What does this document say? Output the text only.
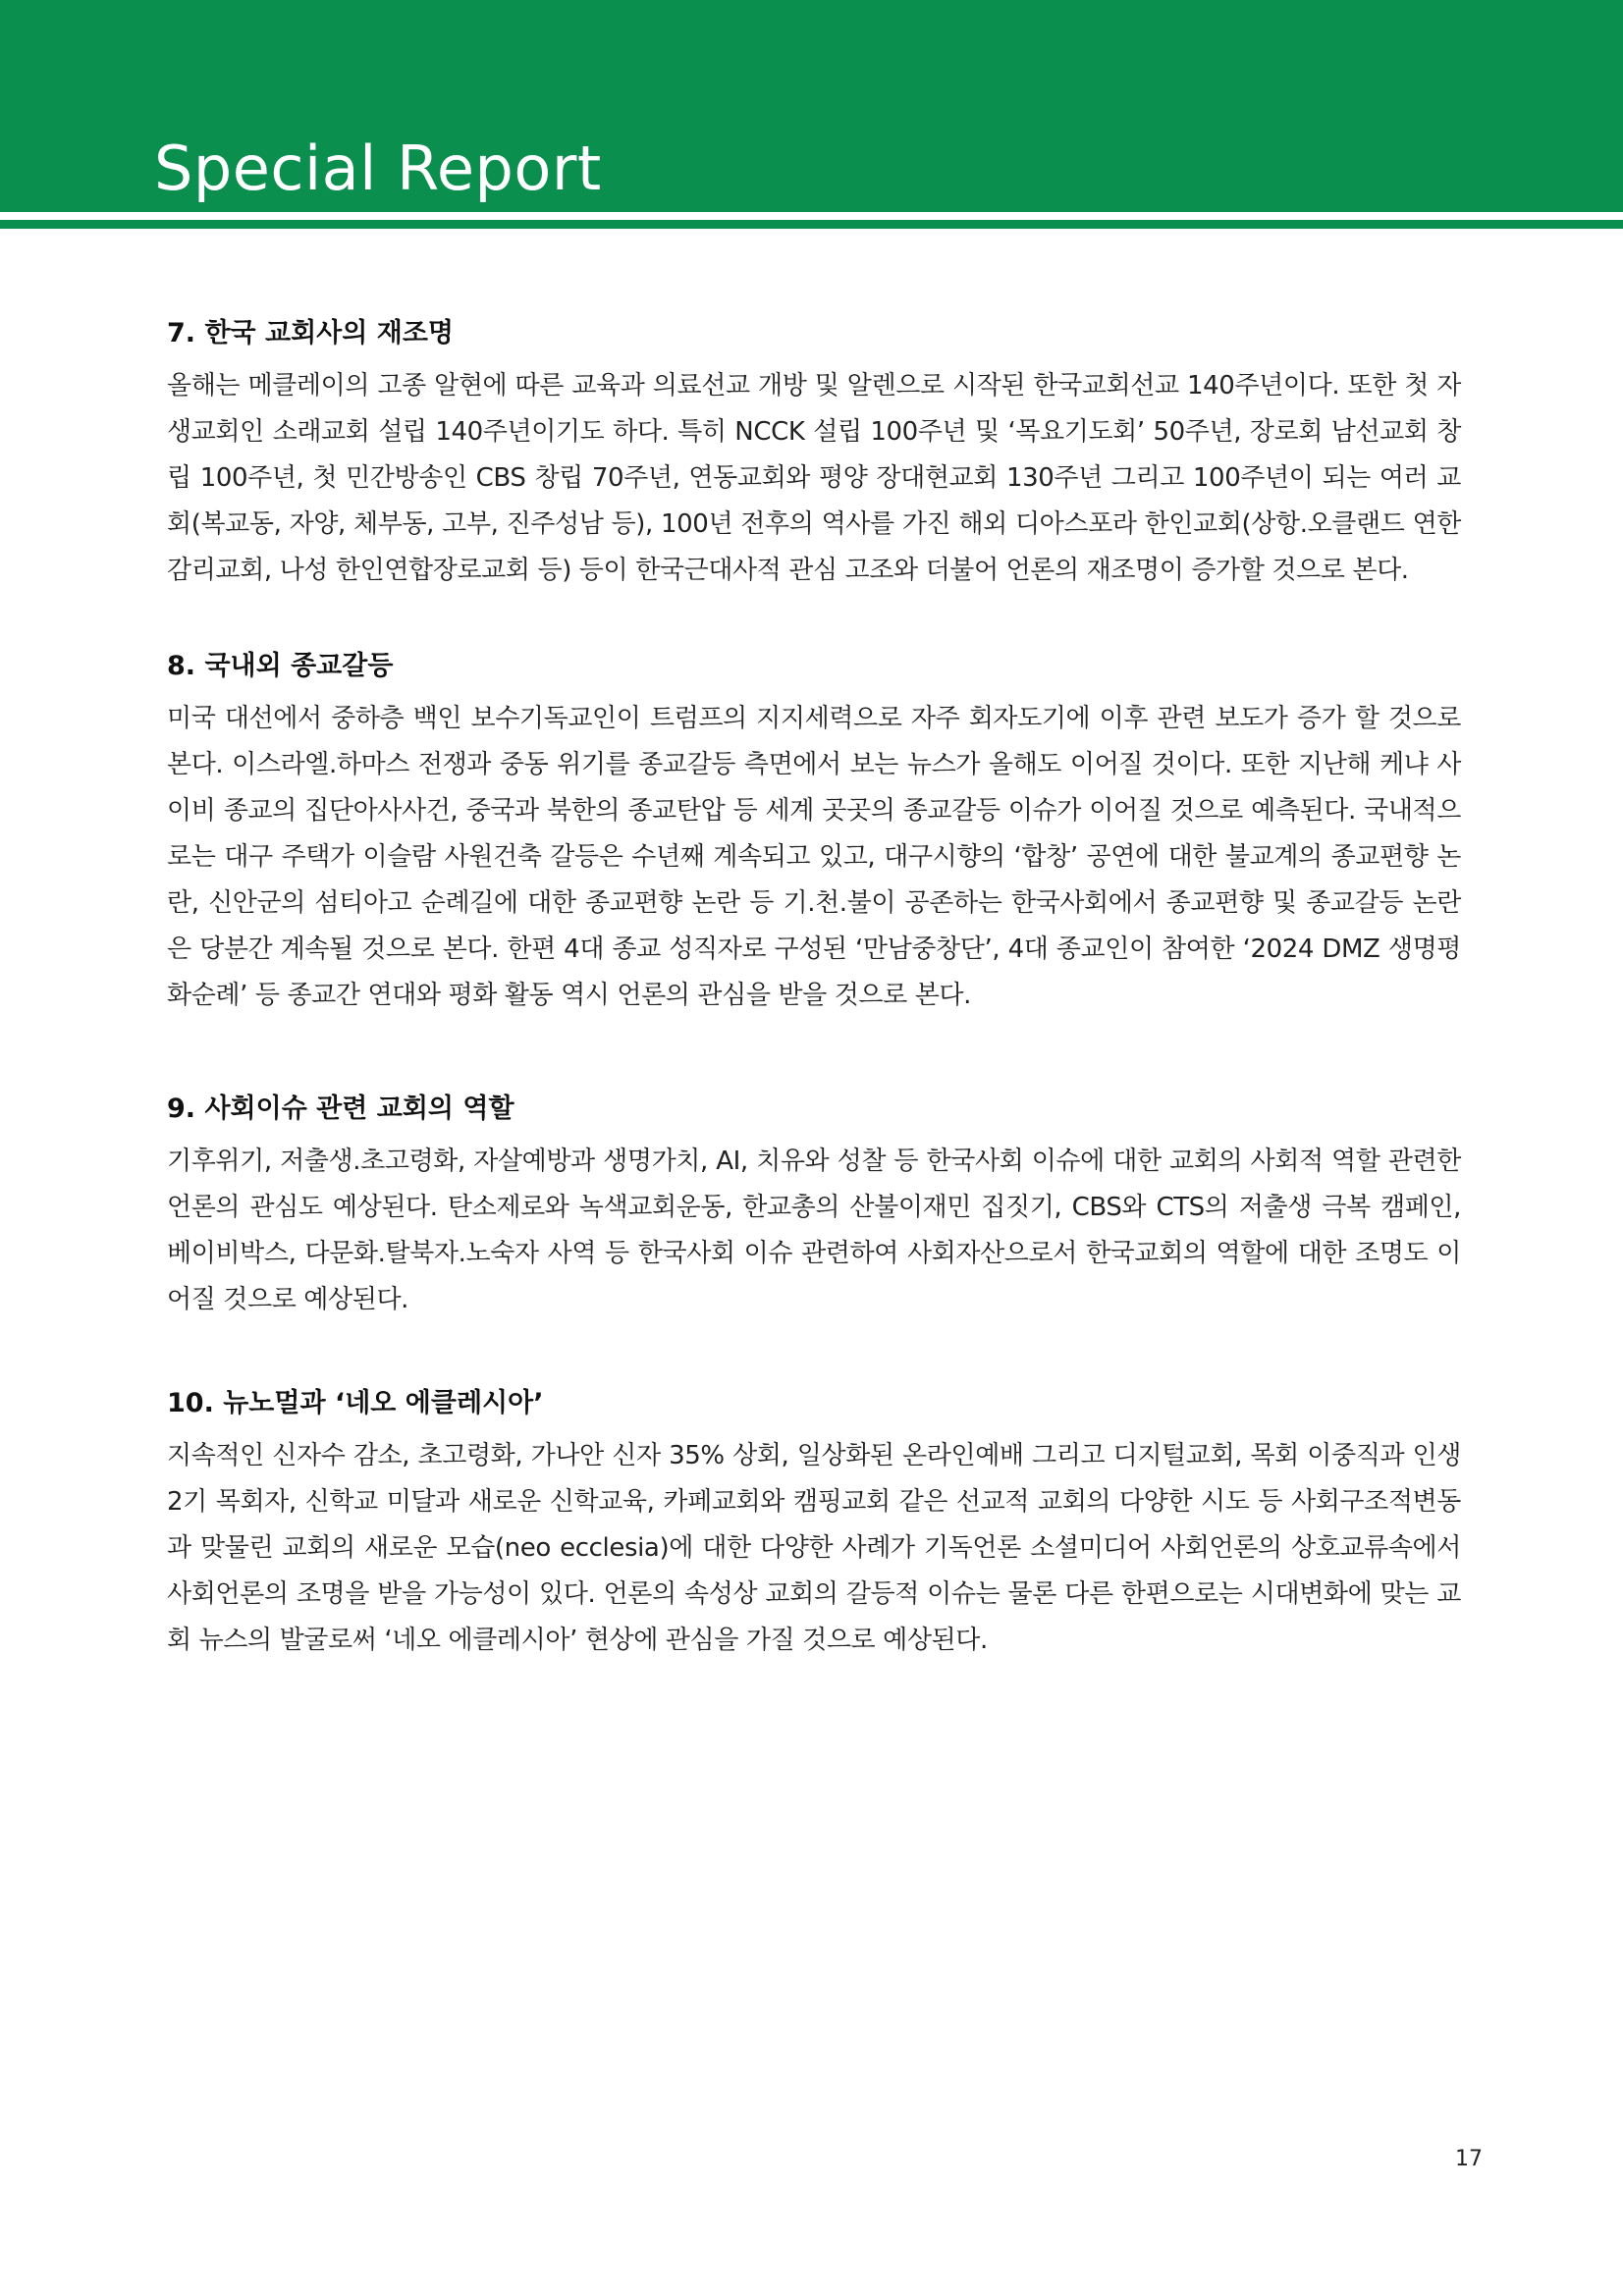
Special Report
7. 한국 교회사의 재조명

올해는 메클레이의 고종 알현에 따른 교육과 의료선교 개방 및 알렌으로 시작된 한국교회선교 140주년이다. 또한 첫 자생교회인 소래교회 설립 140주년이기도 하다. 특히 NCCK 설립 100주년 및 ‘목요기도회’ 50주년, 장로회 남선교회 창립 100주년, 첫 민간방송인 CBS 창립 70주년, 연동교회와 평양 장대현교회 130주년 그리고 100주년이 되는 여러 교회(복교동, 자양, 체부동, 고부, 진주성남 등), 100년 전후의 역사를 가진 해외 디아스포라 한인교회(상항.오클랜드 연한감리교회, 나성 한인연합장로교회 등) 등이 한국근대사적 관심 고조와 더불어 언론의 재조명이 증가할 것으로 본다.

8. 국내외 종교갈등

미국 대선에서 중하층 백인 보수기독교인이 트럼프의 지지세력으로 자주 회자도기에 이후 관련 보도가 증가 할 것으로 본다. 이스라엘.하마스 전쟁과 중동 위기를 종교갈등 측면에서 보는 뉴스가 올해도 이어질 것이다. 또한 지난해 케냐 사이비 종교의 집단아사사건, 중국과 북한의 종교탄압 등 세계 곳곳의 종교갈등 이슈가 이어질 것으로 예측된다. 국내적으로는 대구 주택가 이슬람 사원건축 갈등은 수년째 계속되고 있고, 대구시향의 ‘합창’ 공연에 대한 불교계의 종교편향 논란, 신안군의 섬티아고 순례길에 대한 종교편향 논란 등 기.천.불이 공존하는 한국사회에서 종교편향 및 종교갈등 논란은 당분간 계속될 것으로 본다. 한편 4대 종교 성직자로 구성된 ‘만남중창단’, 4대 종교인이 참여한 ‘2024 DMZ 생명평화순례’ 등 종교간 연대와 평화 활동 역시 언론의 관심을 받을 것으로 본다.

9. 사회이슈 관련 교회의 역할

기후위기, 저출생.초고령화, 자살예방과 생명가치, AI, 치유와 성찰 등 한국사회 이슈에 대한 교회의 사회적 역할 관련한 언론의 관심도 예상된다. 탄소제로와 녹색교회운동, 한교총의 산불이재민 집짓기, CBS와 CTS의 저출생 극복 캠페인, 베이비박스, 다문화.탈북자.노숙자 사역 등 한국사회 이슈 관련하여 사회자산으로서 한국교회의 역할에 대한 조명도 이어질 것으로 예상된다.

10. 뉴노멀과 ‘네오 에클레시아’

지속적인 신자수 감소, 초고령화, 가나안 신자 35% 상회, 일상화된 온라인예배 그리고 디지털교회, 목회 이중직과 인생 2기 목회자, 신학교 미달과 새로운 신학교육, 카페교회와 캠핑교회 같은 선교적 교회의 다양한 시도 등 사회구조적변동과 맞물린 교회의 새로운 모습(neo ecclesia)에 대한 다양한 사례가 기독언론 소셜미디어 사회언론의 상호교류속에서 사회언론의 조명을 받을 가능성이 있다. 언론의 속성상 교회의 갈등적 이슈는 물론 다른 한편으로는 시대변화에 맞는 교회 뉴스의 발굴로써 ‘네오 에클레시아’ 현상에 관심을 가질 것으로 예상된다.

17
